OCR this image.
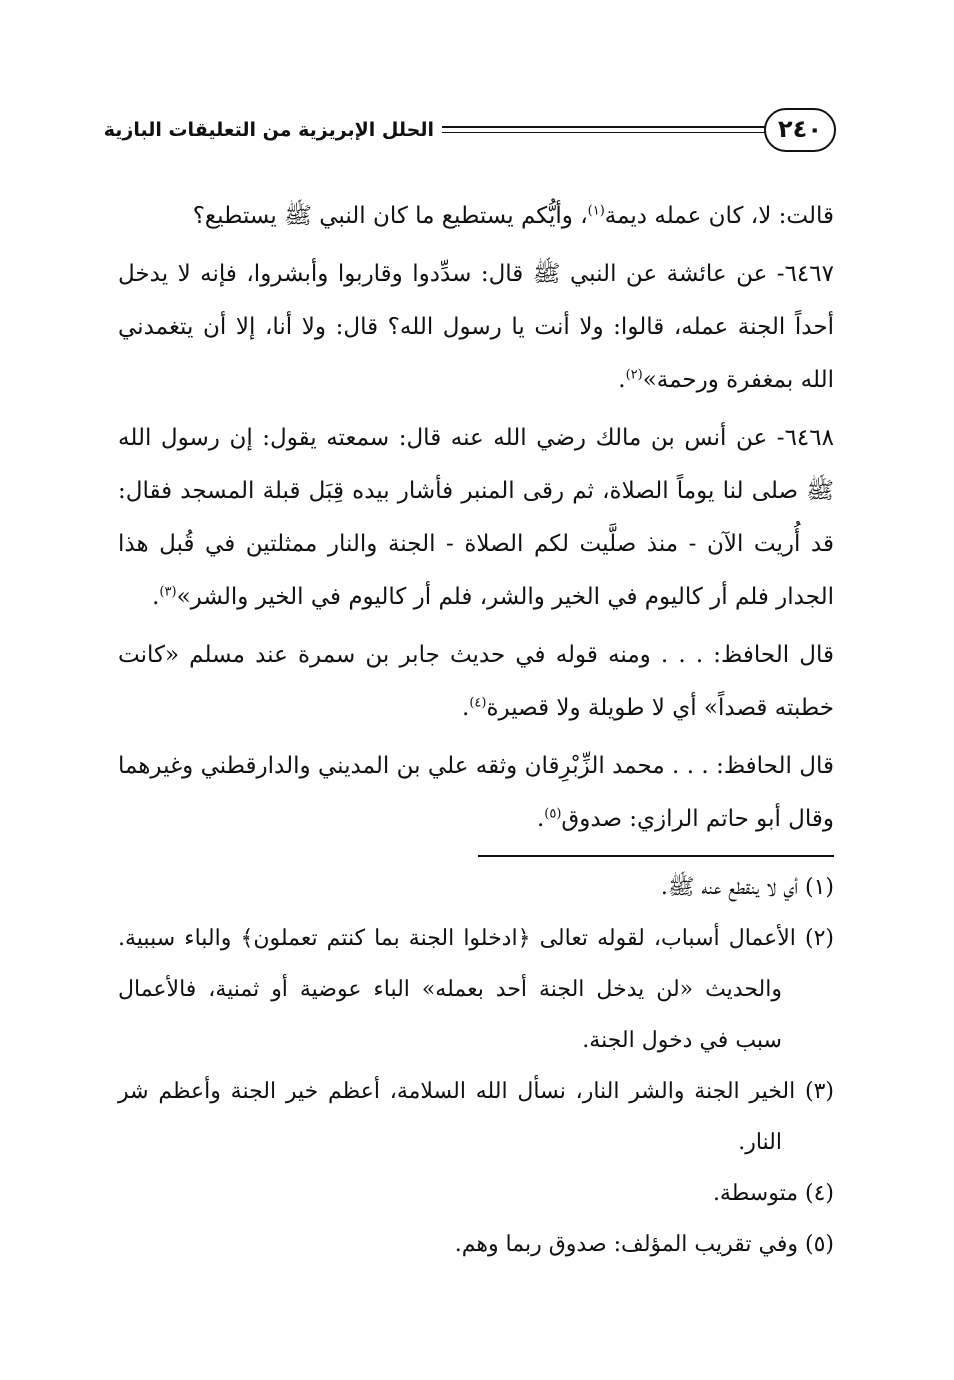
٢٤٠
الحلل الإبريزية من التعليقات البازية

قالت: لا، كان عمله ديمة$^{(١)}$، وأيُّكم يستطيع ما كان النبي ﷺ يستطيع؟

٦٤٦٧- عن عائشة عن النبي ﷺ قال: سدِّدوا وقاربوا وأبشروا، فإنه لا يدخل أحداً الجنة عمله، قالوا: ولا أنت يا رسول الله؟ قال: ولا أنا، إلا أن يتغمدني الله بمغفرة ورحمة»$^{(٢)}$.

٦٤٦٨- عن أنس بن مالك رضي الله عنه قال: سمعته يقول: إن رسول الله ﷺ صلى لنا يوماً الصلاة، ثم رقى المنبر فأشار بيده قِبَل قبلة المسجد فقال: قد أُريت الآن - منذ صلَّيت لكم الصلاة - الجنة والنار ممثلتين في قُبل هذا الجدار فلم أر كاليوم في الخير والشر، فلم أر كاليوم في الخير والشر»$^{(٣)}$.

قال الحافظ: . . . ومنه قوله في حديث جابر بن سمرة عند مسلم «كانت خطبته قصداً» أي لا طويلة ولا قصيرة$^{(٤)}$.

قال الحافظ: . . . محمد الزِّبْرِقان وثقه علي بن المديني والدارقطني وغيرهما وقال أبو حاتم الرازي: صدوق$^{(٥)}$.

(١) أي لا ينقطع عنه ﷺ.

(٢) الأعمال أسباب، لقوله تعالى ﴿ادخلوا الجنة بما كنتم تعملون﴾ والباء سببية. والحديث «لن يدخل الجنة أحد بعمله» الباء عوضية أو ثمنية، فالأعمال سبب في دخول الجنة.

(٣) الخير الجنة والشر النار، نسأل الله السلامة، أعظم خير الجنة وأعظم شر النار.

(٤) متوسطة.

(٥) وفي تقريب المؤلف: صدوق ربما وهم.
